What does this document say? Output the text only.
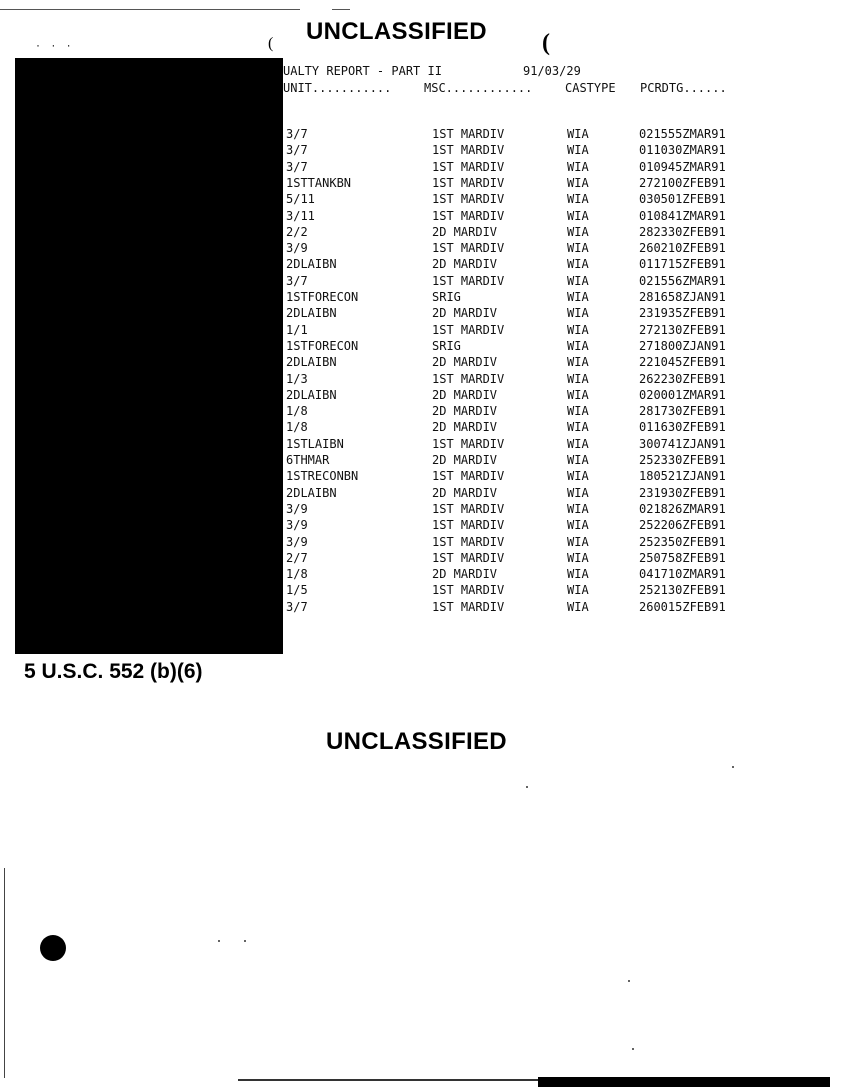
UNCLASSIFIED
· · ·	(	(
UALTY REPORT - PART II	91/03/29
UNIT...........	MSC............	CASTYPE PCRDTG......
3/7	1ST MARDIV	WIA	021555ZMAR91
3/7	1ST MARDIV	WIA	011030ZMAR91
3/7	1ST MARDIV	WIA	010945ZMAR91
1STTANKBN	1ST MARDIV	WIA	272100ZFEB91
5/11	1ST MARDIV	WIA	030501ZFEB91
3/11	1ST MARDIV	WIA	010841ZMAR91
2/2	2D MARDIV	WIA	282330ZFEB91
3/9	1ST MARDIV	WIA	260210ZFEB91
2DLAIBN	2D MARDIV	WIA	011715ZFEB91
3/7	1ST MARDIV	WIA	021556ZMAR91
1STFORECON	SRIG	WIA	281658ZJAN91
2DLAIBN	2D MARDIV	WIA	231935ZFEB91
1/1	1ST MARDIV	WIA	272130ZFEB91
1STFORECON	SRIG	WIA	271800ZJAN91
2DLAIBN	2D MARDIV	WIA	221045ZFEB91
1/3	1ST MARDIV	WIA	262230ZFEB91
2DLAIBN	2D MARDIV	WIA	020001ZMAR91
1/8	2D MARDIV	WIA	281730ZFEB91
1/8	2D MARDIV	WIA	011630ZFEB91
1STLAIBN	1ST MARDIV	WIA	300741ZJAN91
6THMAR	2D MARDIV	WIA	252330ZFEB91
1STRECONBN	1ST MARDIV	WIA	180521ZJAN91
2DLAIBN	2D MARDIV	WIA	231930ZFEB91
3/9	1ST MARDIV	WIA	021826ZMAR91
3/9	1ST MARDIV	WIA	252206ZFEB91
3/9	1ST MARDIV	WIA	252350ZFEB91
2/7	1ST MARDIV	WIA	250758ZFEB91
1/8	2D MARDIV	WIA	041710ZMAR91
1/5	1ST MARDIV	WIA	252130ZFEB91
3/7	1ST MARDIV	WIA	260015ZFEB91
5 U.S.C. 552 (b)(6)
UNCLASSIFIED
